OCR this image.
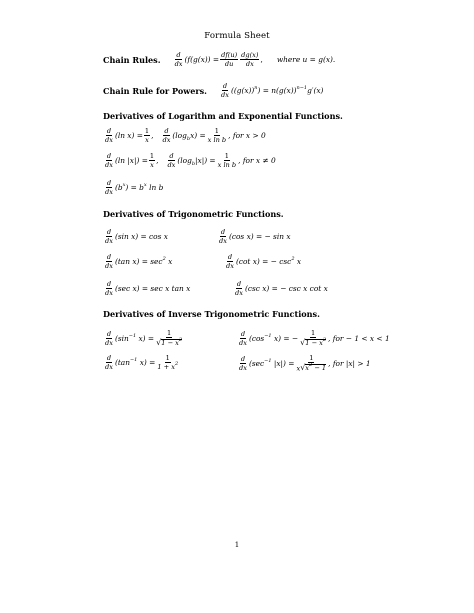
Formula Sheet
Chain Rules. $\frac{d}{dx} (f(g(x)) = \frac{df(u)}{du} \frac{dg(x)}{dx}$ , where u = g(x).
Chain Rule for Powers. $\frac{d}{dx} ((g(x))^n) = n(g(x))^{n-1}g'(x)$
Derivatives of Logarithm and Exponential Functions.
$\frac{d}{dx} (\ln$ $x) = \frac{1}{x}$ , $\frac{d}{dx} (\log_bx) = \frac{1}{\text{x ln b}}$ , for x > 0
$\frac{d}{dx} (\ln$ $|x|) = \frac{1}{x}$ , $\frac{d}{dx} (\log_b|x|) = \frac{1}{\text{x ln b}}$ , for x ≠ 0
$\frac{d}{dx} (b^x) = b^x$ ln b
Derivatives of Trigonometric Functions.
$\frac{d}{dx} (\sin$ x) = cos x	$\frac{d}{dx} (\cos$ x) = − sin x
$\frac{d}{dx} (\tan$ $x) = \sec^2 x$	$\frac{d}{dx} (\cot$ x) = − $\csc^2 x$
$\frac{d}{dx} (\sec$ x) = sec x tan x	$\frac{d}{dx} (\csc$ x) = − csc x cot x
Derivatives of Inverse Trigonometric Functions.
$\frac{d}{dx} (\sin^{-1}$ $x) = \frac{1}{√ 1 - x^2}$	$\frac{d}{dx} (\cos^{-1}$ x) = − $\frac{1}{√ 1 - x^2}$ , for − 1 < x < 1
$\frac{d}{dx} (\tan^{-1}$ $x) = \frac{1}{1 + x^2}$	$\frac{d}{dx} (\sec^{-1}$ $|x|) = \frac{1}{x √ x^2 - 1}$ , for |x| > 1
1
